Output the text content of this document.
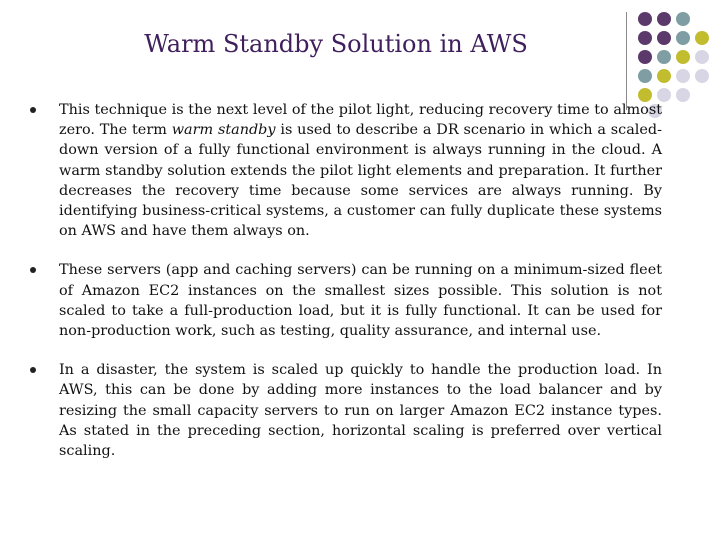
Warm Standby Solution in AWS
This technique is the next level of the pilot light, reducing recovery time to almost zero. The term warm standby is used to describe a DR scenario in which a scaled-down version of a fully functional environment is always running in the cloud. A warm standby solution extends the pilot light elements and preparation. It further decreases the recovery time because some services are always running. By identifying business-critical systems, a customer can fully duplicate these systems on AWS and have them always on.
These servers (app and caching servers) can be running on a minimum-sized fleet of Amazon EC2 instances on the smallest sizes possible. This solution is not scaled to take a full-production load, but it is fully functional. It can be used for non-production work, such as testing, quality assurance, and internal use.
In a disaster, the system is scaled up quickly to handle the production load. In AWS, this can be done by adding more instances to the load balancer and by resizing the small capacity servers to run on larger Amazon EC2 instance types. As stated in the preceding section, horizontal scaling is preferred over vertical scaling.
